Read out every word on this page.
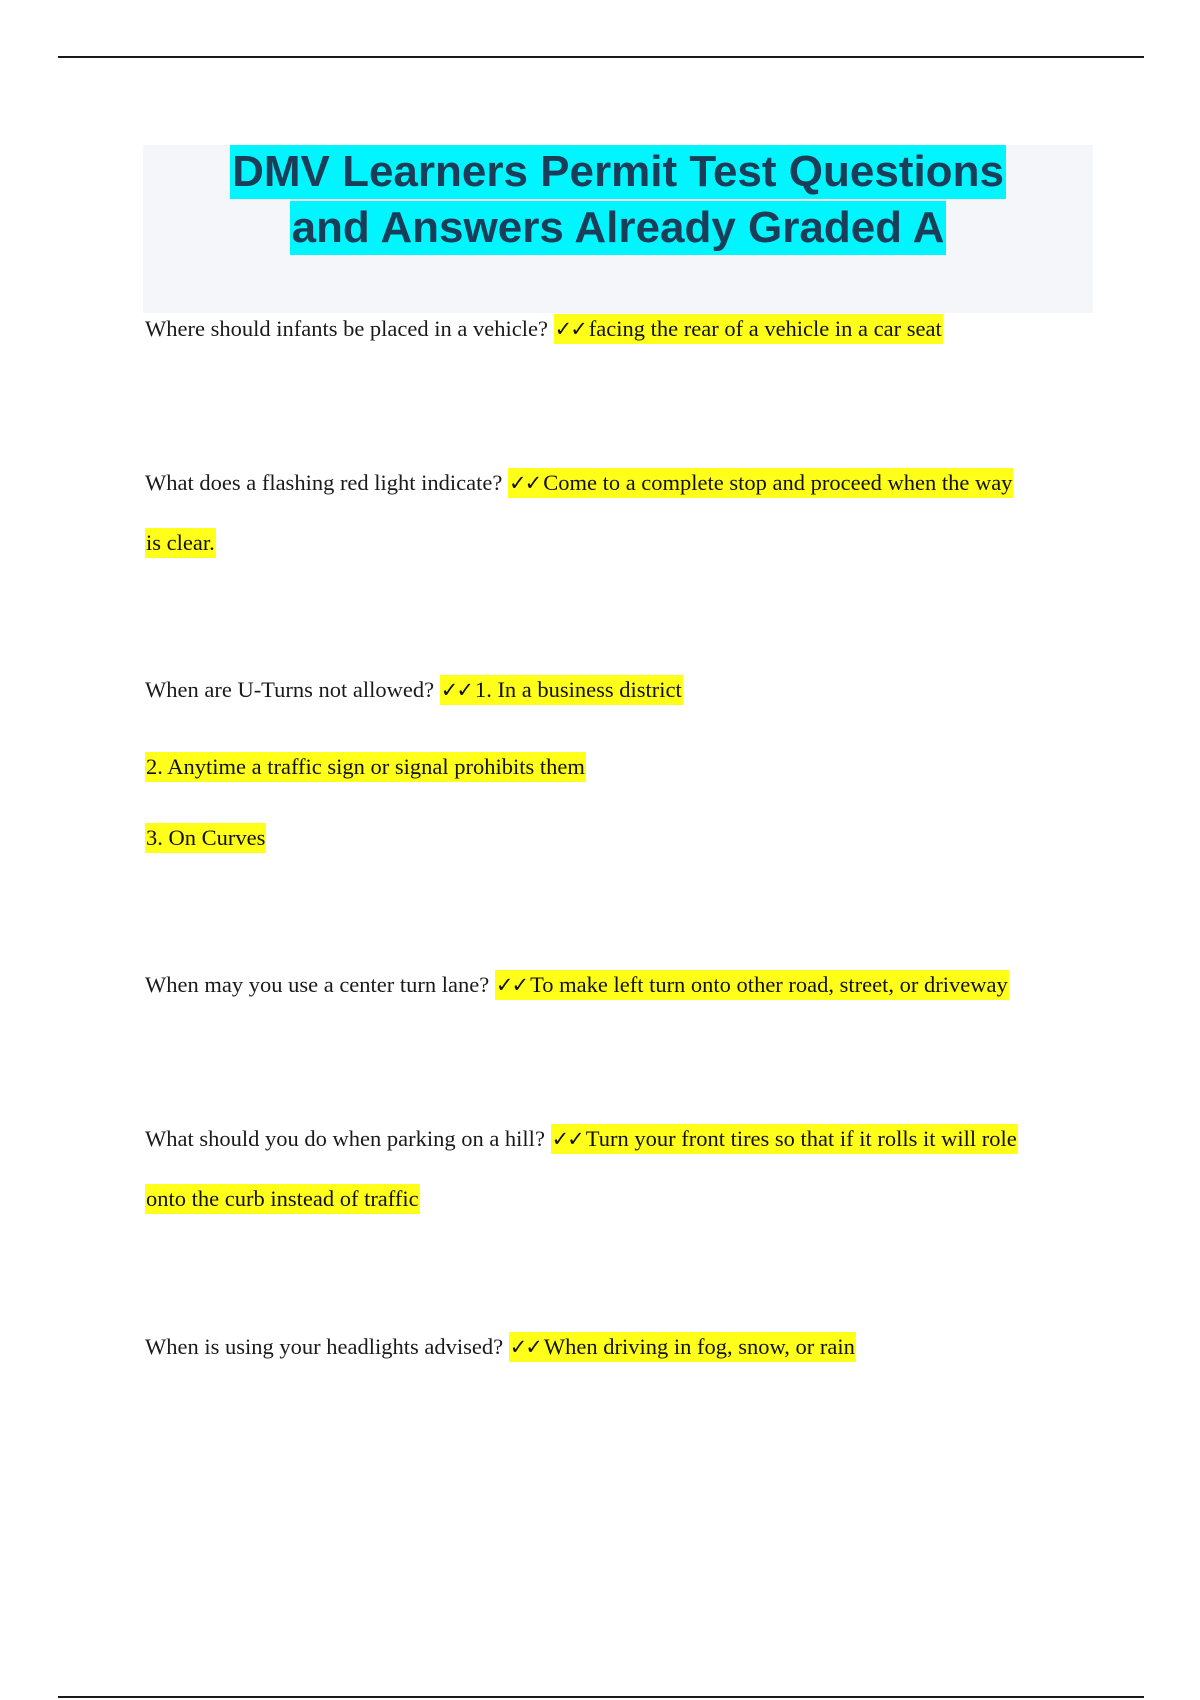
DMV Learners Permit Test Questions
and Answers Already Graded A
Where should infants be placed in a vehicle? ✓✓ facing the rear of a vehicle in a car seat
What does a flashing red light indicate? ✓✓ Come to a complete stop and proceed when the way
is clear.
When are U-Turns not allowed? ✓✓ 1. In a business district
2. Anytime a traffic sign or signal prohibits them
3. On Curves
When may you use a center turn lane? ✓✓ To make left turn onto other road, street, or driveway
What should you do when parking on a hill? ✓✓ Turn your front tires so that if it rolls it will role
onto the curb instead of traffic
When is using your headlights advised? ✓✓ When driving in fog, snow, or rain
